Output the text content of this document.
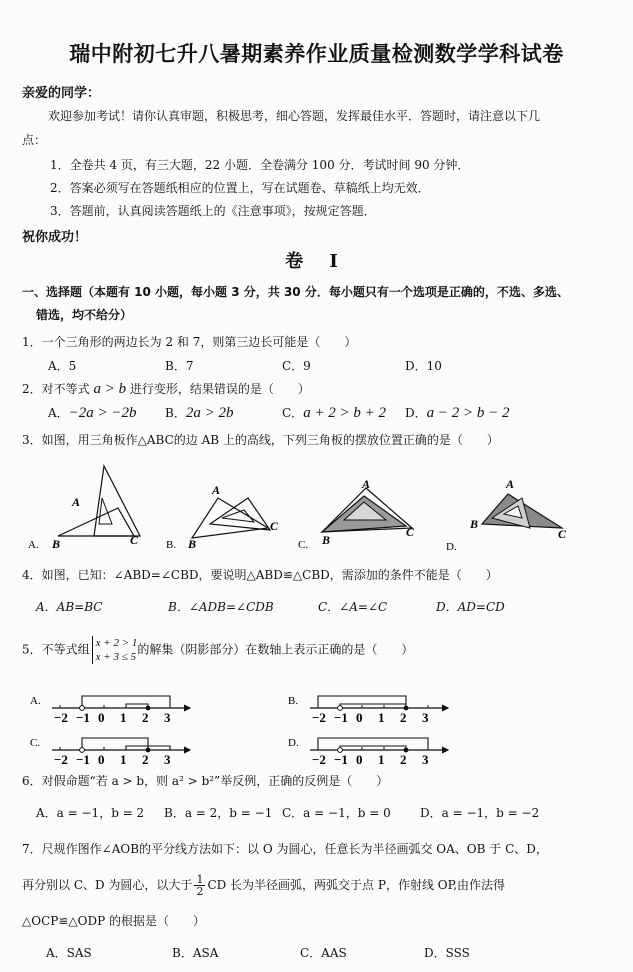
瑞中附初七升八暑期素养作业质量检测数学学科试卷
亲爱的同学：
欢迎参加考试！请你认真审题，积极思考，细心答题，发挥最佳水平．答题时，请注意以下几
点：
1．全卷共 4 页，有三大题，22 小题．全卷满分 100 分．考试时间 90 分钟．
2．答案必须写在答题纸相应的位置上，写在试题卷、草稿纸上均无效．
3．答题前，认真阅读答题纸上的《注意事项》，按规定答题．
祝你成功！
卷 I
一、选择题（本题有 10 小题，每小题 3 分，共 30 分．每小题只有一个选项是正确的，不选、多选、
错选，均不给分）
1．一个三角形的两边长为 2 和 7，则第三边长可能是（　　）
A．5	B．7	C．9	D．10
2．对不等式 a > b 进行变形，结果错误的是（　　）
A．−2a > −2b B．2a > 2b	C．a + 2 > b + 2 D．a − 2 > b − 2
3．如图，用三角板作△ABC的边 AB 上的高线，下列三角板的摆放位置正确的是（　　）
A
B	C
A.
A
B
C
B.
A
B
C
C.
A
B
C
D.
4．如图，已知：∠ABD=∠CBD，要说明△ABD≌△CBD，需添加的条件不能是（　　）
A．AB=BC	B．∠ADB=∠CDB	C．∠A=∠C	D．AD=CD
5．不等式组 x + 2 > 1
x + 3 ≤ 5的解集（阴影部分）在数轴上表示正确的是（　　）
A.
−2 −1 0 1 2 3
B.
−2 −1 0 1 2 3
C.
−2 −1 0 1 2 3
D.
−2 −1 0 1 2 3
6．对假命题“若 a > b，则 a² > b²”举反例，正确的反例是（　　）
A．a = −1，b = 2 B．a = 2，b = −1 C．a = −1，b = 0 D．a = −1，b = −2
7．尺规作图作∠AOB的平分线方法如下：以 O 为圆心，任意长为半径画弧交 OA、OB 于 C、D，
再分别以 C、D 为圆心，以大于 $\frac{1}{2}$ CD 长为半径画弧，两弧交于点 P，作射线 OP,由作法得
△OCP≌△ODP 的根据是（　　）
A．SAS	B．ASA	C．AAS	D．SSS
